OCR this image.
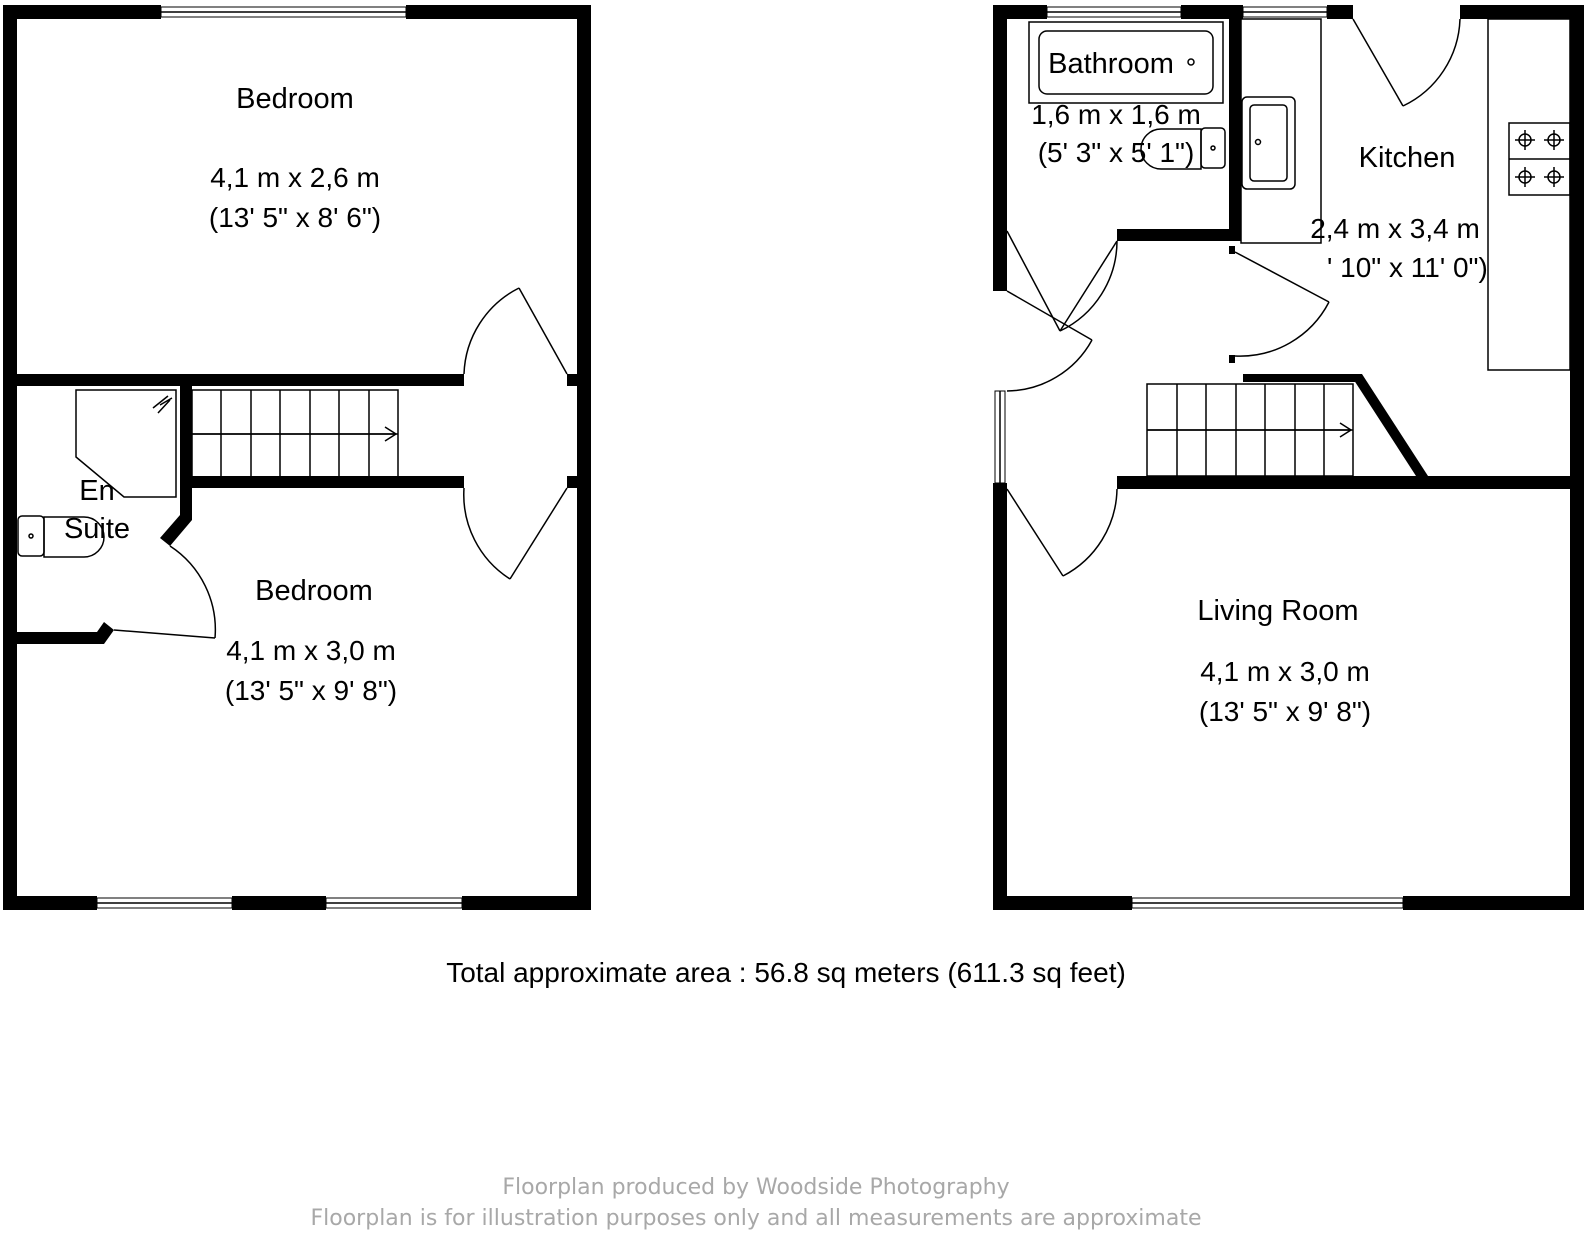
Bedroom
4,1 m x 2,6 m
(13' 5" x 8' 6")
En
Suite
Bedroom
4,1 m x 3,0 m
(13' 5" x 9' 8")
Bathroom
1,6 m x 1,6 m
(5' 3" x 5' 1")	Kitchen
2,4 m x 3,4 m
' 10" x 11' 0")
Living Room
4,1 m x 3,0 m
(13' 5" x 9' 8")
Total approximate area : 56.8 sq meters (611.3 sq feet)
Floorplan produced by Woodside Photography
Floorplan is for illustration purposes only and all measurements are approximate
